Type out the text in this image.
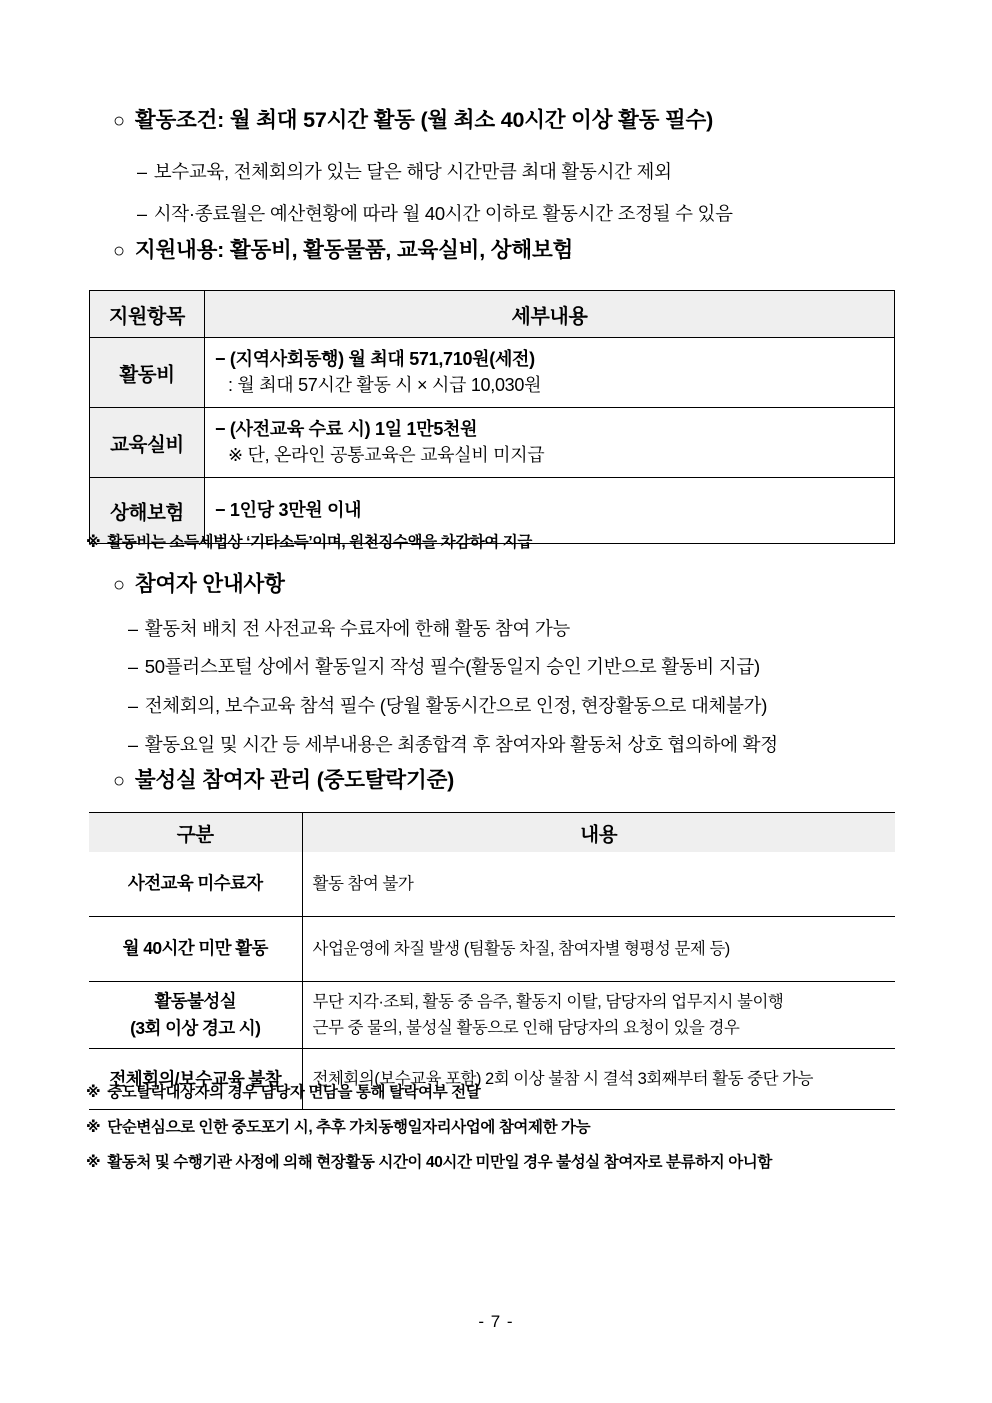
○ 활동조건: 월 최대 57시간 활동 (월 최소 40시간 이상 활동 필수)
– 보수교육, 전체회의가 있는 달은 해당 시간만큼 최대 활동시간 제외
– 시작·종료월은 예산현황에 따라 월 40시간 이하로 활동시간 조정될 수 있음
○ 지원내용: 활동비, 활동물품, 교육실비, 상해보험
지원항목	세부내용
활동비	− (지역사회동행) 월 최대 571,710원(세전)
: 월 최대 57시간 활동 시 × 시급 10,030원

교육실비	− (사전교육 수료 시) 1일 1만5천원
※ 단, 온라인 공통교육은 교육실비 미지급

상해보험	− 1인당 3만원 이내
※ 활동비는 소득세법상 ‘기타소득’이며, 원천징수액을 차감하여 지급
○ 참여자 안내사항
– 활동처 배치 전 사전교육 수료자에 한해 활동 참여 가능
– 50플러스포털 상에서 활동일지 작성 필수(활동일지 승인 기반으로 활동비 지급)
– 전체회의, 보수교육 참석 필수 (당월 활동시간으로 인정, 현장활동으로 대체불가)
– 활동요일 및 시간 등 세부내용은 최종합격 후 참여자와 활동처 상호 협의하에 확정
○ 불성실 참여자 관리 (중도탈락기준)
구분	내용
사전교육 미수료자	활동 참여 불가
월 40시간 미만 활동	사업운영에 차질 발생 (팀활동 차질, 참여자별 형평성 문제 등)

활동불성실
(3회 이상 경고 시)	무단 지각·조퇴, 활동 중 음주, 활동지 이탈, 담당자의 업무지시 불이행
근무 중 물의, 불성실 활동으로 인해 담당자의 요청이 있을 경우

전체회의/보수교육 불참	전체회의(보수교육 포함) 2회 이상 불참 시 결석 3회째부터 활동 중단 가능
※ 중도탈락대상자의 경우 담당자 면담을 통해 탈락여부 전달
※ 단순변심으로 인한 중도포기 시, 추후 가치동행일자리사업에 참여제한 가능
※ 활동처 및 수행기관 사정에 의해 현장활동 시간이 40시간 미만일 경우 불성실 참여자로 분류하지 아니함
- 7 -
